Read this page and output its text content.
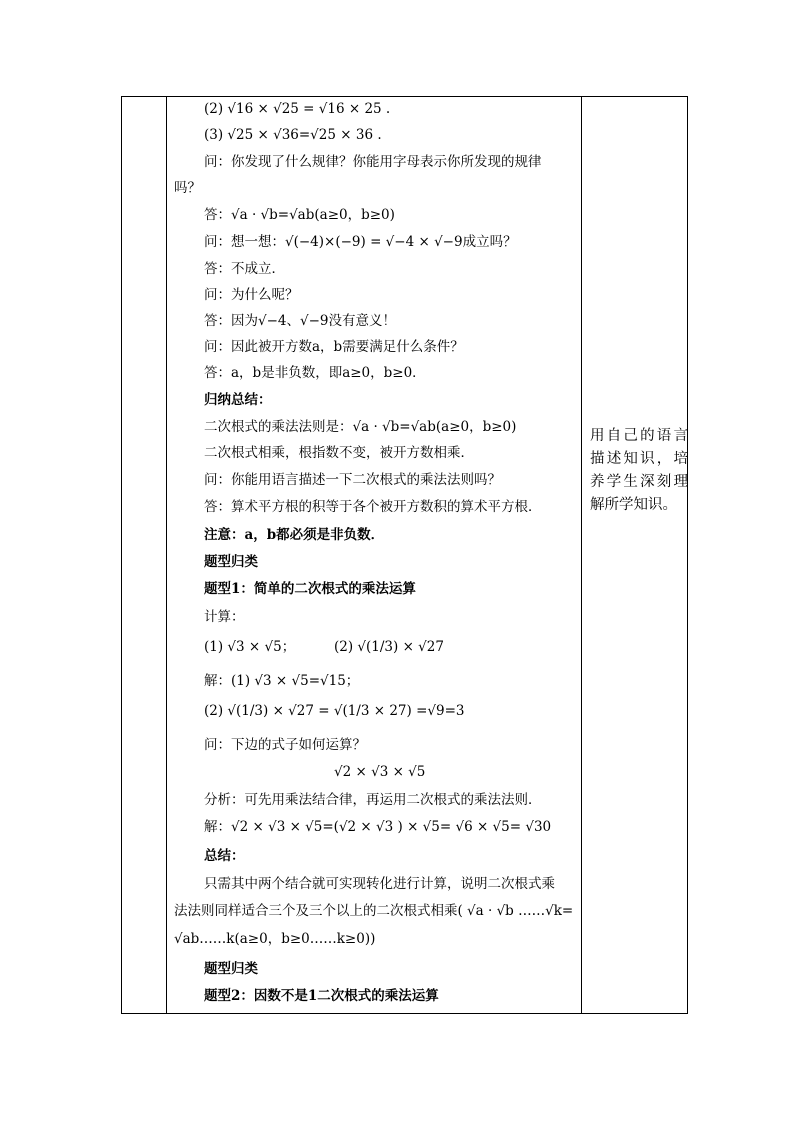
(2) √16 × √25 = √16 × 25 .
(3) √25 × √36=√25 × 36 .
问：你发现了什么规律？你能用字母表示你所发现的规律
吗？
答：√a · √b=√ab(a≥0，b≥0)
问：想一想：√(−4)×(−9) = √−4 × √−9成立吗？
答：不成立．
问：为什么呢？
答：因为√−4、√−9没有意义！
问：因此被开方数a，b需要满足什么条件？
答：a，b是非负数，即a≥0，b≥0．
归纳总结：
二次根式的乘法法则是：√a · √b=√ab(a≥0，b≥0)
二次根式相乘，根指数不变，被开方数相乘．
问：你能用语言描述一下二次根式的乘法法则吗？
答：算术平方根的积等于各个被开方数积的算术平方根．
注意：a，b都必须是非负数．
题型归类
题型1：简单的二次根式的乘法运算
计算：
(1) √3 × √5；	(2) √(1/3) × √27
解：(1) √3 × √5=√15；
(2) √(1/3) × √27 = √(1/3 × 27) =√9=3
问：下边的式子如何运算？
√2 × √3 × √5
分析：可先用乘法结合律，再运用二次根式的乘法法则．
解：√2 × √3 × √5=(√2 × √3 ) × √5= √6 × √5= √30
总结：
只需其中两个结合就可实现转化进行计算，说明二次根式乘
法法则同样适合三个及三个以上的二次根式相乘( √a · √b ……√k=
√ab……k(a≥0，b≥0……k≥0))
题型归类
题型2：因数不是1二次根式的乘法运算
用自己的语言描述知识，培养学生深刻理解所学知识。
